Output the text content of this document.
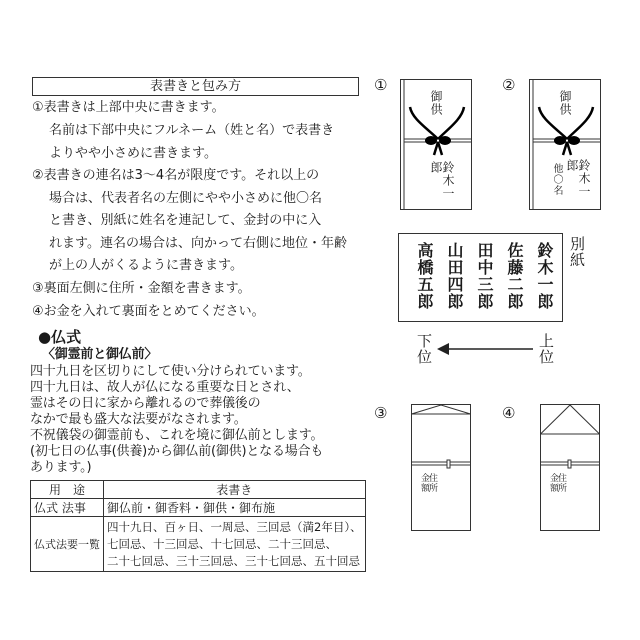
表書きと包み方
①表書きは上部中央に書きます。
名前は下部中央にフルネーム（姓と名）で表書き
よりやや小さめに書きます。
②表書きの連名は3～4名が限度です。それ以上の
場合は、代表者名の左側にやや小さめに他〇名
と書き、別紙に姓名を連記して、金封の中に入
れます。連名の場合は、向かって右側に地位・年齢
が上の人がくるように書きます。
③裏面左側に住所・金額を書きます。
④お金を入れて裏面をとめてください。
●仏式
〈御霊前と御仏前〉
四十九日を区切りにして使い分けられています。
四十九日は、故人が仏になる重要な日とされ、
霊はその日に家から離れるので葬儀後の
なかで最も盛大な法要がなされます。
不祝儀袋の御霊前も、これを境に御仏前とします。
(初七日の仏事(供養)から御仏前(御供)となる場合も
あります。)
用　途	表書き
仏式 法事	御仏前・御香料・御供・御布施
仏式法要一覧	四十九日、百ヶ日、一周忌、三回忌（満2年目）、
七回忌、十三回忌、十七回忌、二十三回忌、
二十七回忌、三十三回忌、三十七回忌、五十回忌
①	②
③	④
御供
鈴木一郎
御供
鈴木一郎
他〇名
鈴木一郎
佐藤二郎
田中三郎
山田四郎
高橋五郎	別紙
下位	上位
金額
住所	金額
住所
